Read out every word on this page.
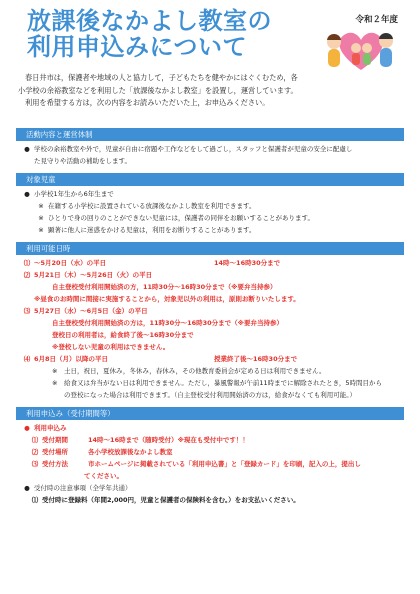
令和２年度
放課後なかよし教室の
利用申込みについて

春日井市は，保護者や地域の人と協力して，子どもたちを健やかにはぐくむため，各

小学校の余裕教室などを利用した「放課後なかよし教室」を設置し，運営しています。

利用を希望する方は，次の内容をお読みいただいた上，お申込みください。

活動内容と運営体制
● 学校の余裕教室や外で，児童が自由に宿題や工作などをして過ごし，スタッフと保護者が児童の安全に配慮し
た見守りや活動の補助をします。
対象児童
● 小学校1年生から6年生まで
※ 在籍する小学校に設置されている放課後なかよし教室を利用できます。
※ ひとりで身の回りのことができない児童には，保護者の同伴をお願いすることがあります。
※ 顕著に他人に迷惑をかける児童は，利用をお断りすることがあります。
利用可能日時
⑴ ～5月20日（水）の平日	14時～16時30分まで
⑵ 5月21日（木）～5月26日（火）の平日
自主登校受付利用開始済の方，11時30分～16時30分まで（※要弁当持参）
※昼食のお時間に間接に実施することから，対象児以外の利用は，原則お断りいたします。
⑶ 5月27日（水）～6月5日（金）の平日
自主登校受付利用開始済の方は，11時30分～16時30分まで（※要弁当持参）
登校日の利用者は，給食終了後～16時30分まで
※登校しない児童の利用はできません。
⑷ 6月8日（月）以降の平日	授業終了後～16時30分まで
※　土日，祝日，夏休み，冬休み，春休み，その他教育委員会が定める日は利用できません。
※　給食又は弁当がない日は利用できません。ただし，暴風警報が午前11時までに解除されたとき，5時間目から
の登校になった場合は利用できます。（自主登校受付利用開始済の方は，給食がなくても利用可能。）
利用申込み（受付期間等）
● 利用申込み
⑴ 受付期間	14時～16時まで（随時受付）※現在も受付中です！！
⑵ 受付場所	各小学校放課後なかよし教室
⑶ 受付方法	市ホームページに掲載されている「利用申込書」と「登録カード」を印刷，記入の上，提出し
てください。
● 受付時の注意事項（全学年共通）
⑴ 受付時に登録料（年間2,000円，児童と保護者の保険料を含む。）をお支払いください。
